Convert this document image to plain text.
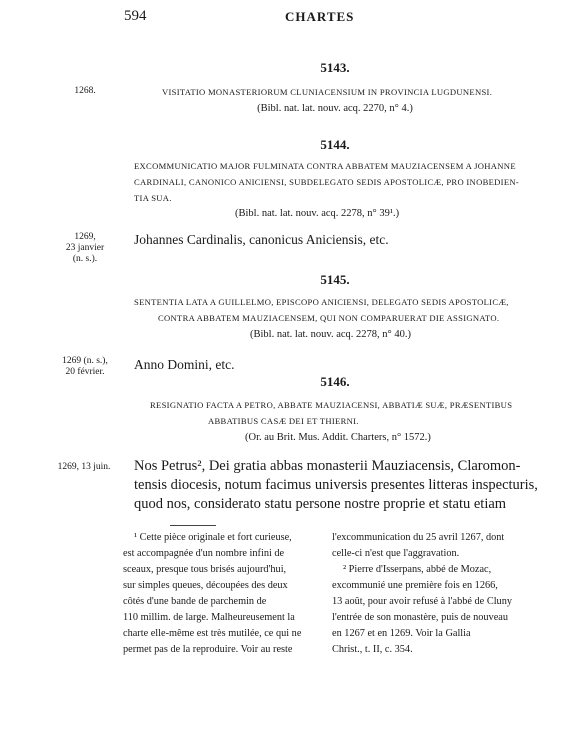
594	CHARTES
5143.
1268.	VISITATIO MONASTERIORUM CLUNIACENSIUM IN PROVINCIA LUGDUNENSI.
(Bibl. nat. lat. nouv. acq. 2270, n° 4.)
5144.
EXCOMMUNICATIO MAJOR FULMINATA CONTRA ABBATEM MAUZIACENSEM A JOHANNE
CARDINALI, CANONICO ANICIENSI, SUBDELEGATO SEDIS APOSTOLICÆ, PRO INOBEDIEN-
TIA SUA.
(Bibl. nat. lat. nouv. acq. 2278, n° 39¹.)
1269,
23 janvier
(n. s.).
Johannes Cardinalis, canonicus Aniciensis, etc.
5145.
SENTENTIA LATA A GUILLELMO, EPISCOPO ANICIENSI, DELEGATO SEDIS APOSTOLICÆ,
CONTRA ABBATEM MAUZIACENSEM, QUI NON COMPARUERAT DIE ASSIGNATO.
(Bibl. nat. lat. nouv. acq. 2278, n° 40.)
1269 (n. s.),
20 février.	Anno Domini, etc.
5146.
RESIGNATIO FACTA A PETRO, ABBATE MAUZIACENSI, ABBATIÆ SUÆ, PRÆSENTIBUS
ABBATIBUS CASÆ DEI ET THIERNI.
(Or. au Brit. Mus. Addit. Charters, n° 1572.)
1269, 13 juin.	Nos Petrus², Dei gratia abbas monasterii Mauziacensis, Claromon-
tensis diocesis, notum facimus universis presentes litteras inspecturis,
quod nos, considerato statu persone nostre proprie et statu etiam
¹ Cette pièce originale et fort curieuse,
est accompagnée d'un nombre infini de
sceaux, presque tous brisés aujourd'hui,
sur simples queues, découpées des deux
côtés d'une bande de parchemin de
110 millim. de large. Malheureusement la
charte elle-même est très mutilée, ce qui ne
permet pas de la reproduire. Voir au reste
l'excommunication du 25 avril 1267, dont
celle-ci n'est que l'aggravation.
² Pierre d'Isserpans, abbé de Mozac,
excommunié une première fois en 1266,
13 août, pour avoir refusé à l'abbé de Cluny
l'entrée de son monastère, puis de nouveau
en 1267 et en 1269. Voir la Gallia
Christ., t. II, c. 354.
